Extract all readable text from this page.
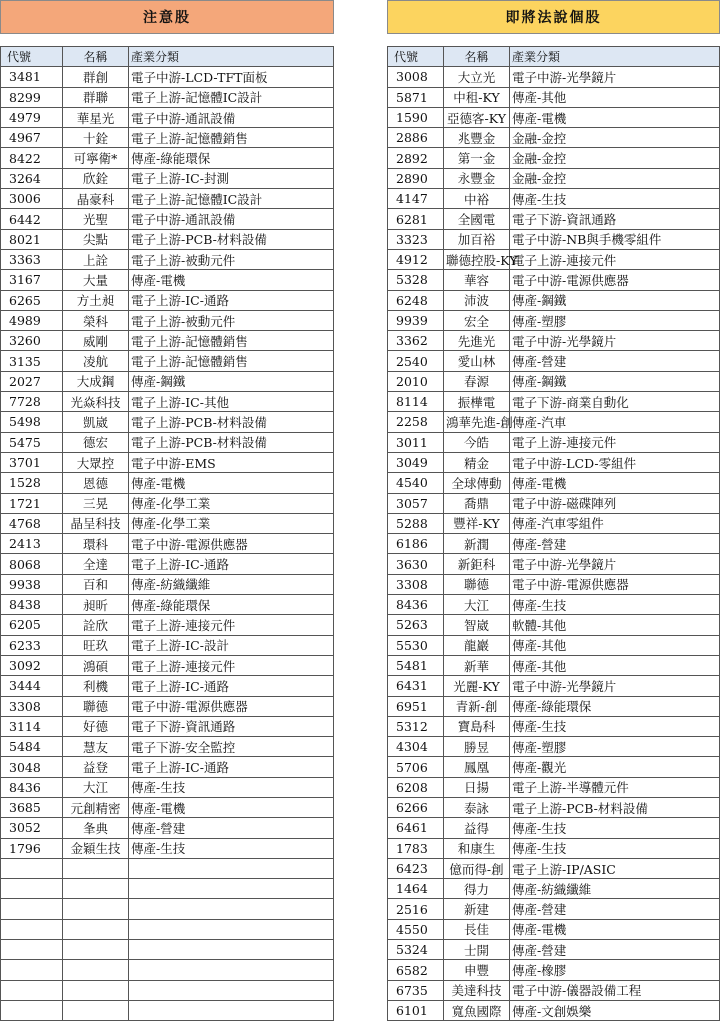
注意股
代號	名稱	產業分類
3481	群創	電子中游-LCD-TFT面板
8299	群聯	電子上游-記憶體IC設計
4979	華星光	電子中游-通訊設備
4967	十銓	電子上游-記憶體銷售
8422	可寧衛*	傳產-綠能環保
3264	欣銓	電子上游-IC-封測
3006	晶豪科	電子上游-記憶體IC設計
6442	光聖	電子中游-通訊設備
8021	尖點	電子上游-PCB-材料設備
3363	上詮	電子上游-被動元件
3167	大量	傳產-電機
6265	方土昶	電子上游-IC-通路
4989	榮科	電子上游-被動元件
3260	威剛	電子上游-記憶體銷售
3135	凌航	電子上游-記憶體銷售
2027	大成鋼	傳產-鋼鐵
7728	光焱科技	電子上游-IC-其他
5498	凱崴	電子上游-PCB-材料設備
5475	德宏	電子上游-PCB-材料設備
3701	大眾控	電子中游-EMS
1528	恩德	傳產-電機
1721	三晃	傳產-化學工業
4768	晶呈科技	傳產-化學工業
2413	環科	電子中游-電源供應器
8068	全達	電子上游-IC-通路
9938	百和	傳產-紡織纖維
8438	昶昕	傳產-綠能環保
6205	詮欣	電子上游-連接元件
6233	旺玖	電子上游-IC-設計
3092	鴻碩	電子上游-連接元件
3444	利機	電子上游-IC-通路
3308	聯德	電子中游-電源供應器
3114	好德	電子下游-資訊通路
5484	慧友	電子下游-安全監控
3048	益登	電子上游-IC-通路
8436	大江	傳產-生技
3685	元創精密	傳產-電機
3052	夆典	傳產-營建
1796	金穎生技	傳產-生技

即將法說個股
代號	名稱	產業分類
3008	大立光	電子中游-光學鏡片
5871	中租-KY	傳產-其他
1590	亞德客-KY	傳產-電機
2886	兆豐金	金融-金控
2892	第一金	金融-金控
2890	永豐金	金融-金控
4147	中裕	傳產-生技
6281	全國電	電子下游-資訊通路
3323	加百裕	電子中游-NB與手機零組件
4912	聯德控股-KY	電子上游-連接元件
5328	華容	電子中游-電源供應器
6248	沛波	傳產-鋼鐵
9939	宏全	傳產-塑膠
3362	先進光	電子中游-光學鏡片
2540	愛山林	傳產-營建
2010	春源	傳產-鋼鐵
8114	振樺電	電子下游-商業自動化
2258	鴻華先進-創	傳產-汽車
3011	今皓	電子上游-連接元件
3049	精金	電子中游-LCD-零組件
4540	全球傳動	傳產-電機
3057	喬鼎	電子中游-磁碟陣列
5288	豐祥-KY	傳產-汽車零組件
6186	新潤	傳產-營建
3630	新鉅科	電子中游-光學鏡片
3308	聯德	電子中游-電源供應器
8436	大江	傳產-生技
5263	智崴	軟體-其他
5530	龍巖	傳產-其他
5481	新華	傳產-其他
6431	光麗-KY	電子中游-光學鏡片
6951	青新-創	傳產-綠能環保
5312	寶島科	傳產-生技
4304	勝昱	傳產-塑膠
5706	鳳凰	傳產-觀光
6208	日揚	電子上游-半導體元件
6266	泰詠	電子上游-PCB-材料設備
6461	益得	傳產-生技
1783	和康生	傳產-生技
6423	億而得-創	電子上游-IP/ASIC
1464	得力	傳產-紡織纖維
2516	新建	傳產-營建
4550	長佳	傳產-電機
5324	士開	傳產-營建
6582	申豐	傳產-橡膠
6735	美達科技	電子中游-儀器設備工程
6101	寬魚國際	傳產-文創娛樂
